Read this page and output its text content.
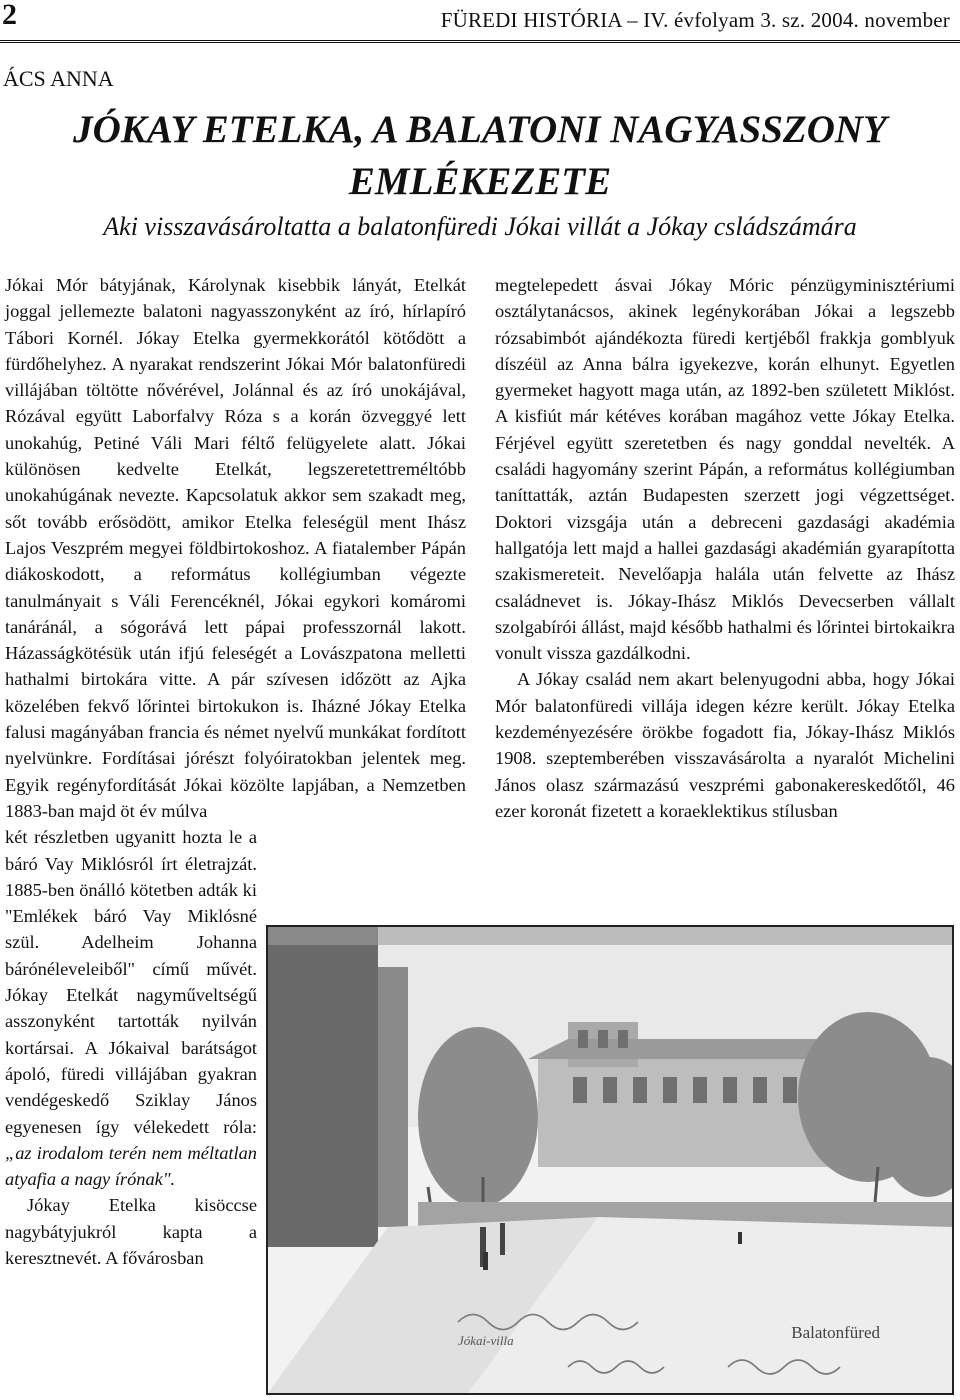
2	FÜREDI HISTÓRIA – IV. évfolyam 3. sz. 2004. november
ÁCS ANNA
JÓKAY ETELKA, A BALATONI NAGYASSZONY
EMLÉKEZETE
Aki visszavásároltatta a balatonfüredi Jókai villát a Jókay csládszámára

Jókai Mór bátyjának, Károlynak kisebbik lányát, Etelkát joggal jellemezte balatoni nagyasszonyként az író, hírlapíró Tábori Kornél. Jókay Etelka gyermekkorától kötődött a fürdőhelyhez. A nyarakat rendszerint Jókai Mór balatonfüredi villájában töltötte nővérével, Jolánnal és az író unokájával, Rózával együtt Laborfalvy Róza s a korán özveggyé lett unokahúg, Petiné Váli Mari féltő felügyelete alatt. Jókai különösen kedvelte Etelkát, legszeretettreméltóbb unokahúgának nevezte. Kapcsolatuk akkor sem szakadt meg, sőt tovább erősödött, amikor Etelka feleségül ment Ihász Lajos Veszprém megyei földbirtokoshoz. A fiatalember Pápán diákoskodott, a református kollégiumban végezte tanulmányait s Váli Ferencéknél, Jókai egykori komáromi tanáránál, a sógorává lett pápai professzornál lakott. Házasságkötésük után ifjú feleségét a Lovászpatona melletti hathalmi birtokára vitte. A pár szívesen időzött az Ajka közelében fekvő lőrintei birtokukon is. Iházné Jókay Etelka falusi magányában francia és német nyelvű munkákat fordított nyelvünkre. Fordításai jórészt folyóiratokban jelentek meg. Egyik regényfordítását Jókai közölte lapjában, a Nemzetben 1883-ban majd öt év múlva

két részletben ugyanitt hozta le a báró Vay Miklósról írt életrajzát. 1885-ben önálló kötetben adták ki "Emlékek báró Vay Miklósné szül. Adelheim Johanna bárónéleveleiből" című művét. Jókay Etelkát nagyműveltségű asszonyként tartották nyilván kortársai. A Jókaival barátságot ápoló, füredi villájában gyakran vendégeskedő Sziklay János egyenesen így vélekedett róla: „az irodalom terén nem méltatlan atyafia a nagy írónak".

Jókay Etelka kisöccse nagybátyjukról kapta a keresztnevét. A fővárosban

megtelepedett ásvai Jókay Móric pénzügyminisztériumi osztálytanácsos, akinek legénykorában Jókai a legszebb rózsabimbót ajándékozta füredi kertjéből frakkja gomblyuk díszéül az Anna bálra igyekezve, korán elhunyt. Egyetlen gyermeket hagyott maga után, az 1892-ben született Miklóst. A kisfiút már kétéves korában magához vette Jókay Etelka. Férjével együtt szeretetben és nagy gonddal nevelték. A családi hagyomány szerint Pápán, a református kollégiumban taníttatták, aztán Budapesten szerzett jogi végzettséget. Doktori vizsgája után a debreceni gazdasági akadémia hallgatója lett majd a hallei gazdasági akadémián gyarapította szakismereteit. Nevelőapja halála után felvette az Ihász családnevet is. Jókay-Ihász Miklós Devecserben vállalt szolgabírói állást, majd később hathalmi és lőrintei birtokaikra vonult vissza gazdálkodni.

A Jókay család nem akart belenyugodni abba, hogy Jókai Mór balatonfüredi villája idegen kézre került. Jókay Etelka kezdeményezésére örökbe fogadott fia, Jókay-Ihász Miklós 1908. szeptemberében visszavásárolta a nyaralót Michelini János olasz származású veszprémi gabonakereskedőtől, 46 ezer koronát fizetett a koraeklektikus stílusban

Jókai-villa	Balatonfüred
